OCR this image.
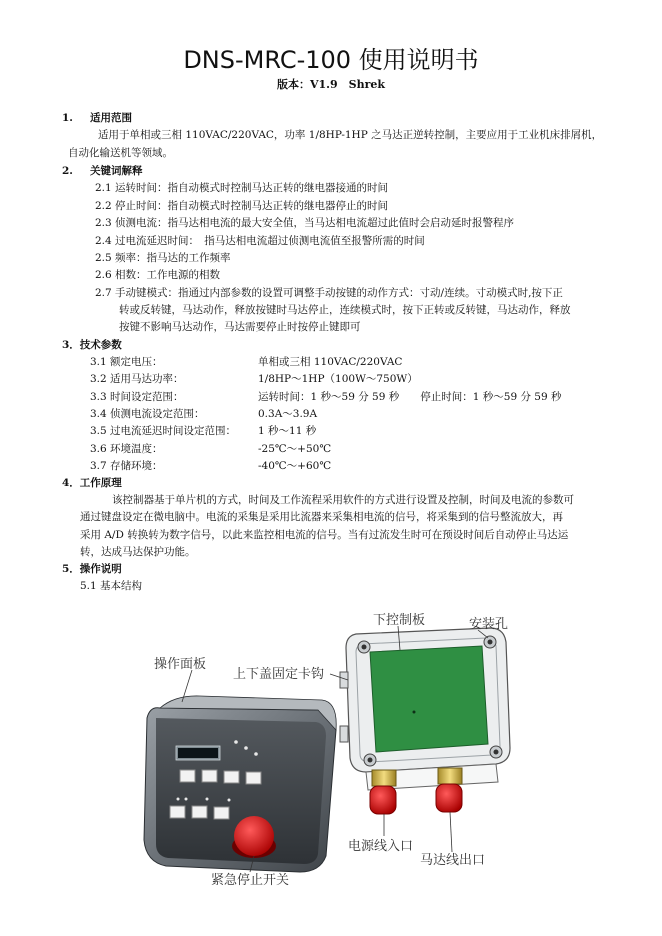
DNS-MRC-100 使用说明书
版本：V1.9　Shrek
1. 适用范围
适用于单相或三相 110VAC/220VAC，功率 1/8HP-1HP 之马达正逆转控制，主要应用于工业机床排屑机，
自动化输送机等领域。
2. 关键词解释
2.1 运转时间：指自动模式时控制马达正转的继电器接通的时间
2.2 停止时间：指自动模式时控制马达正转的继电器停止的时间
2.3 侦测电流：指马达相电流的最大安全值，当马达相电流超过此值时会启动延时报警程序
2.4 过电流延迟时间：　指马达相电流超过侦测电流值至报警所需的时间
2.5 频率：指马达的工作频率
2.6 相数：工作电源的相数
2.7 手动键模式：指通过内部参数的设置可调整手动按键的动作方式：寸动/连续。寸动模式时,按下正
转或反转键，马达动作，释放按键时马达停止，连续模式时，按下正转或反转键，马达动作，释放
按键不影响马达动作，马达需要停止时按停止键即可
3．技术参数
3.1 额定电压：	单相或三相 110VAC/220VAC
3.2 适用马达功率：	1/8HP～1HP（100W～750W）
3.3 时间设定范围：	运转时间：1 秒～59 分 59 秒　　停止时间：1 秒～59 分 59 秒
3.4 侦测电流设定范围：	0.3A～3.9A
3.5 过电流延迟时间设定范围： 1 秒～11 秒
3.6 环境温度：	-25℃～+50℃
3.7 存储环境：	-40℃～+60℃
4．工作原理
该控制器基于单片机的方式，时间及工作流程采用软件的方式进行设置及控制，时间及电流的参数可
通过键盘设定在微电脑中。电流的采集是采用比流器来采集相电流的信号，将采集到的信号整流放大，再
采用 A/D 转换转为数字信号，以此来监控相电流的信号。当有过流发生时可在预设时间后自动停止马达运
转，达成马达保护功能。
5．操作说明
5.1 基本结构
操作面板
下控制板	安装孔
上下盖固定卡钩
电源线入口
马达线出口
紧急停止开关
